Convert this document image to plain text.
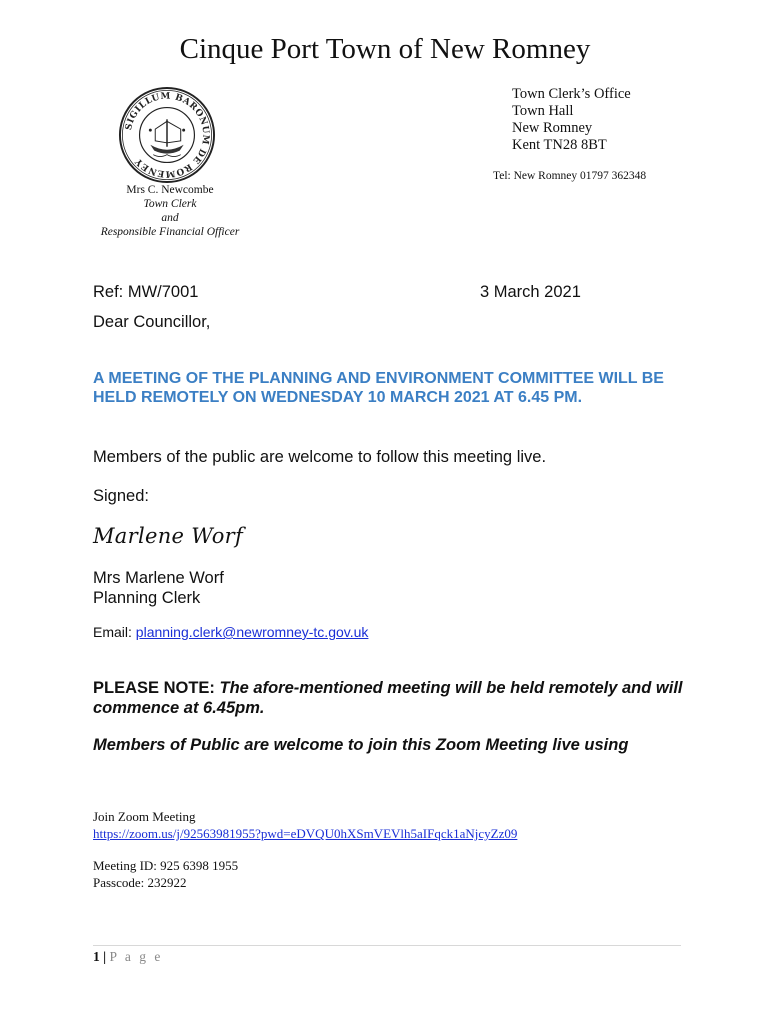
Cinque Port Town of New Romney
SIGILLUM BARONUM DE ROMENEY
Town Clerk’s Office
Town Hall
New Romney
Kent TN28 8BT
Tel: New Romney 01797 362348
Mrs C. Newcombe
Town Clerk
and
Responsible Financial Officer
Ref: MW/7001	3 March 2021
Dear Councillor,
A MEETING OF THE PLANNING AND ENVIRONMENT COMMITTEE WILL BE HELD REMOTELY ON WEDNESDAY 10 MARCH 2021 AT 6.45 PM.
Members of the public are welcome to follow this meeting live.
Signed:
Marlene Worf
Mrs Marlene Worf
Planning Clerk
Email: planning.clerk@newromney-tc.gov.uk
PLEASE NOTE: The afore-mentioned meeting will be held remotely and will commence at 6.45pm.
Members of Public are welcome to join this Zoom Meeting live using
Join Zoom Meeting
https://zoom.us/j/92563981955?pwd=eDVQU0hXSmVEVlh5aIFqck1aNjcyZz09
Meeting ID: 925 6398 1955
Passcode: 232922
1 | P a g e
